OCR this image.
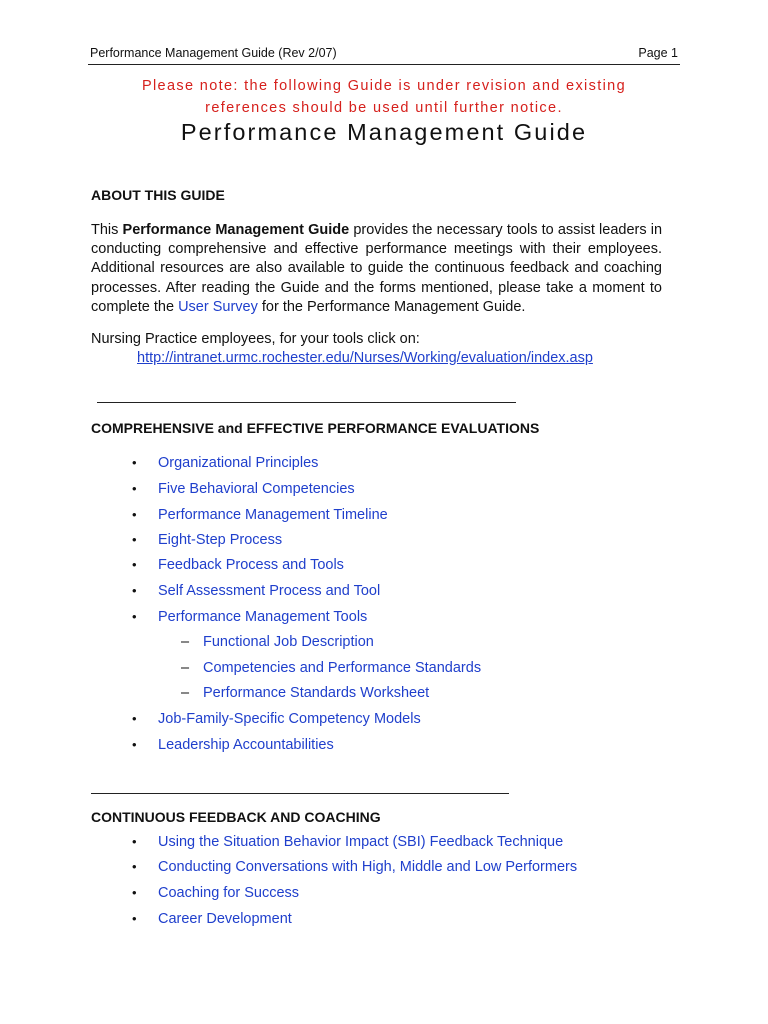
Performance Management Guide (Rev 2/07)	Page 1
Please note: the following Guide is under revision and existing
references should be used until further notice.
Performance Management Guide
ABOUT THIS GUIDE
This Performance Management Guide provides the necessary tools to assist leaders in conducting comprehensive and effective performance meetings with their employees. Additional resources are also available to guide the continuous feedback and coaching processes. After reading the Guide and the forms mentioned, please take a moment to complete the User Survey for the Performance Management Guide.
Nursing Practice employees, for your tools click on:
http://intranet.urmc.rochester.edu/Nurses/Working/evaluation/index.asp
COMPREHENSIVE and EFFECTIVE PERFORMANCE EVALUATIONS
• Organizational Principles
• Five Behavioral Competencies
• Performance Management Timeline
• Eight-Step Process
• Feedback Process and Tools
• Self Assessment Process and Tool
• Performance Management Tools
– Functional Job Description
– Competencies and Performance Standards
– Performance Standards Worksheet
• Job-Family-Specific Competency Models
• Leadership Accountabilities
CONTINUOUS FEEDBACK AND COACHING
• Using the Situation Behavior Impact (SBI) Feedback Technique
• Conducting Conversations with High, Middle and Low Performers
• Coaching for Success
• Career Development
